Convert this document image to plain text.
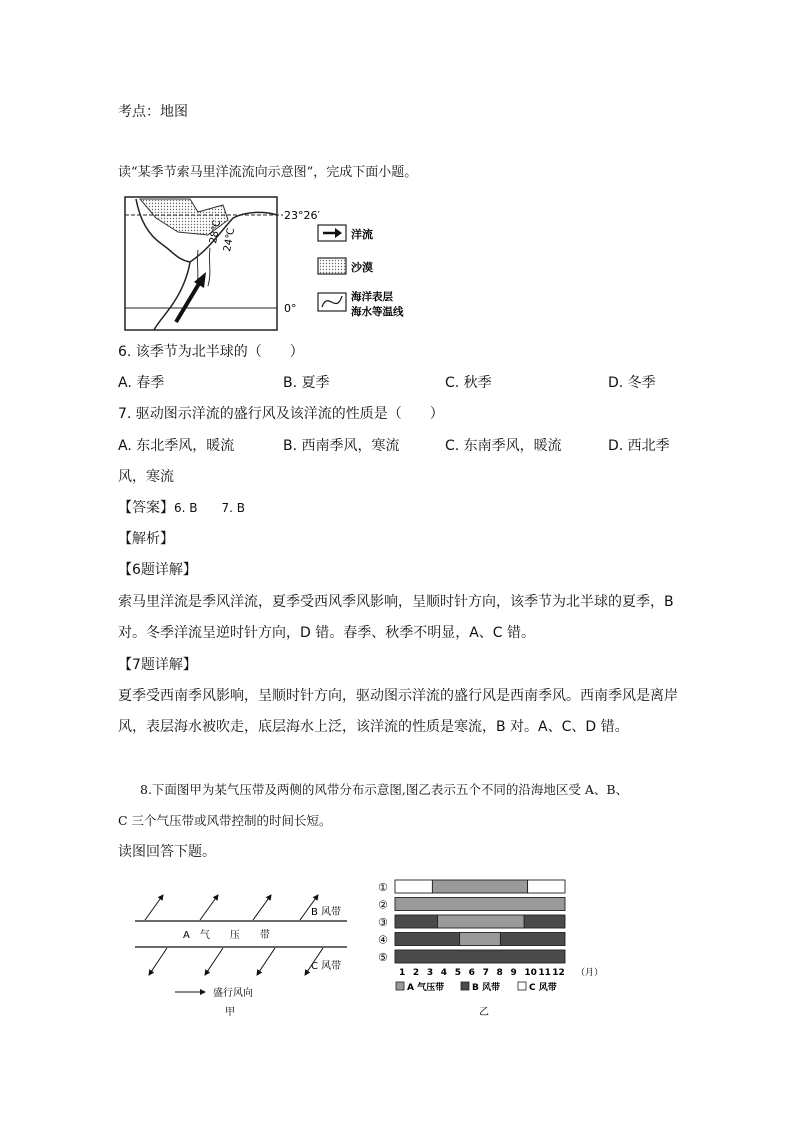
考点：地图
读“某季节索马里洋流流向示意图”，完成下面小题。
23°26′
0°
28℃ 24℃	洋流
沙漠
海洋表层
海水等温线
6. 该季节为北半球的（　　）
A. 春季	B. 夏季	C. 秋季	D. 冬季
7. 驱动图示洋流的盛行风及该洋流的性质是（　　）
A. 东北季风，暖流	B. 西南季风，寒流	C. 东南季风，暖流	D. 西北季
风，寒流
【答案】6. B　　7. B
【解析】
【6题详解】
索马里洋流是季风洋流，夏季受西风季风影响，呈顺时针方向，该季节为北半球的夏季，B
对。冬季洋流呈逆时针方向，D 错。春季、秋季不明显，A、C 错。
【7题详解】
夏季受西南季风影响，呈顺时针方向，驱动图示洋流的盛行风是西南季风。西南季风是离岸
风，表层海水被吹走，底层海水上泛，该洋流的性质是寒流，B 对。A、C、D 错。
8.下面图甲为某气压带及两侧的风带分布示意图,图乙表示五个不同的沿海地区受 A、B、
C 三个气压带或风带控制的时间长短。
读图回答下题。
B 风带
A　气　　压　　带
C 风带
盛行风向
甲
①
②
③
④
⑤
1 2 3 4 5 6 7 8 9 10 11 12 （月）
A 气压带	B 风带	C 风带
乙
